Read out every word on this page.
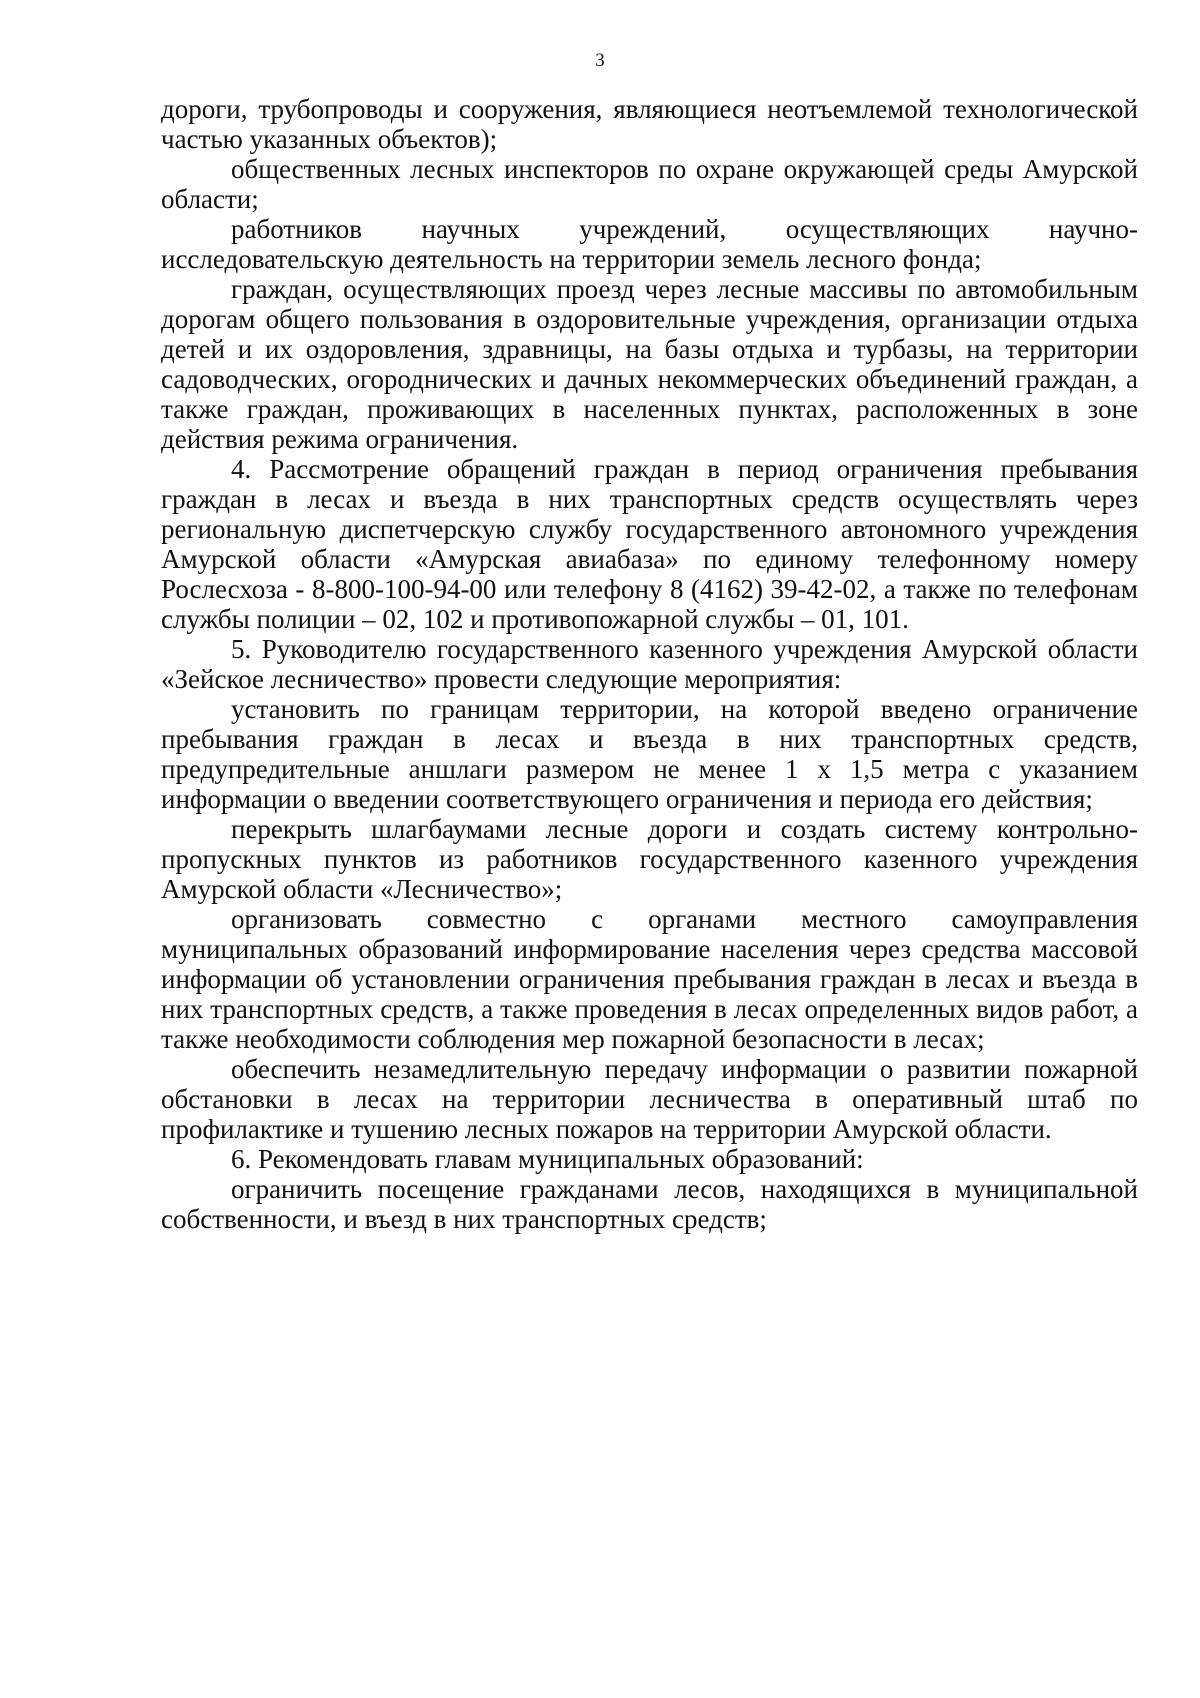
3

дороги, трубопроводы и сооружения, являющиеся неотъемлемой технологической частью указанных объектов);

общественных лесных инспекторов по охране окружающей среды Амурской области;

работников научных учреждений, осуществляющих научно-исследовательскую деятельность на территории земель лесного фонда;

граждан, осуществляющих проезд через лесные массивы по автомобильным дорогам общего пользования в оздоровительные учреждения, организации отдыха детей и их оздоровления, здравницы, на базы отдыха и турбазы, на территории садоводческих, огороднических и дачных некоммерческих объединений граждан, а также граждан, проживающих в населенных пунктах, расположенных в зоне действия режима ограничения.

4. Рассмотрение обращений граждан в период ограничения пребывания граждан в лесах и въезда в них транспортных средств осуществлять через региональную диспетчерскую службу государственного автономного учреждения Амурской области «Амурская авиабаза» по единому телефонному номеру Рослесхоза - 8-800-100-94-00 или телефону 8 (4162) 39-42-02, а также по телефонам службы полиции – 02, 102 и противопожарной службы – 01, 101.

5. Руководителю государственного казенного учреждения Амурской области «Зейское лесничество» провести следующие мероприятия:

установить по границам территории, на которой введено ограничение пребывания граждан в лесах и въезда в них транспортных средств, предупредительные аншлаги размером не менее 1 х 1,5 метра с указанием информации о введении соответствующего ограничения и периода его действия;

перекрыть шлагбаумами лесные дороги и создать систему контрольно-пропускных пунктов из работников государственного казенного учреждения Амурской области «Лесничество»;

организовать совместно с органами местного самоуправления муниципальных образований информирование населения через средства массовой информации об установлении ограничения пребывания граждан в лесах и въезда в них транспортных средств, а также проведения в лесах определенных видов работ, а также необходимости соблюдения мер пожарной безопасности в лесах;

обеспечить незамедлительную передачу информации о развитии пожарной обстановки в лесах на территории лесничества в оперативный штаб по профилактике и тушению лесных пожаров на территории Амурской области.

6. Рекомендовать главам муниципальных образований:

ограничить посещение гражданами лесов, находящихся в муниципальной собственности, и въезд в них транспортных средств;
